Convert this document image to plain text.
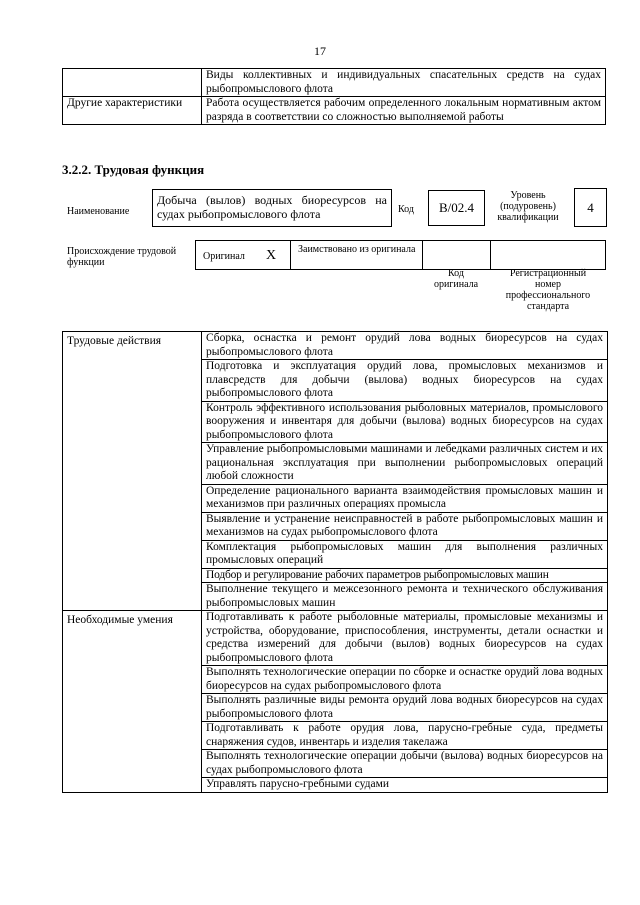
17
	Виды коллективных и индивидуальных спасательных средств на судах рыбопромыслового флота
Другие характеристики	Работа осуществляется рабочим определенного локальным нормативным актом разряда в соответствии со сложностью выполняемой работы
3.2.2. Трудовая функция
Наименование
Добыча (вылов) водных биоресурсов на судах рыбопромыслового флота	Код B/02.4
Уровень (подуровень) квалификации
4
Происхождение трудовой функции
Оригинал X Заимствовано из оригинала
Код оригинала
Регистрационный номер профессионального стандарта
Трудовые действия	Сборка, оснастка и ремонт орудий лова водных биоресурсов на судах рыбопромыслового флота
	Подготовка и эксплуатация орудий лова, промысловых механизмов и плавсредств для добычи (вылова) водных биоресурсов на судах рыбопромыслового флота
	Контроль эффективного использования рыболовных материалов, промыслового вооружения и инвентаря для добычи (вылова) водных биоресурсов на судах рыбопромыслового флота
	Управление рыбопромысловыми машинами и лебедками различных систем и их рациональная эксплуатация при выполнении рыбопромысловых операций любой сложности
	Определение рационального варианта взаимодействия промысловых машин и механизмов при различных операциях промысла
	Выявление и устранение неисправностей в работе рыбопромысловых машин и механизмов на судах рыбопромыслового флота
	Комплектация рыбопромысловых машин для выполнения различных промысловых операций
	Подбор и регулирование рабочих параметров рыбопромысловых машин
	Выполнение текущего и межсезонного ремонта и технического обслуживания рыбопромысловых машин
Необходимые умения	Подготавливать к работе рыболовные материалы, промысловые механизмы и устройства, оборудование, приспособления, инструменты, детали оснастки и средства измерений для добычи (вылов) водных биоресурсов на судах рыбопромыслового флота
	Выполнять технологические операции по сборке и оснастке орудий лова водных биоресурсов на судах рыбопромыслового флота
	Выполнять различные виды ремонта орудий лова водных биоресурсов на судах рыбопромыслового флота
	Подготавливать к работе орудия лова, парусно-гребные суда, предметы снаряжения судов, инвентарь и изделия такелажа
	Выполнять технологические операции добычи (вылова) водных биоресурсов на судах рыбопромыслового флота
	Управлять парусно-гребными судами
